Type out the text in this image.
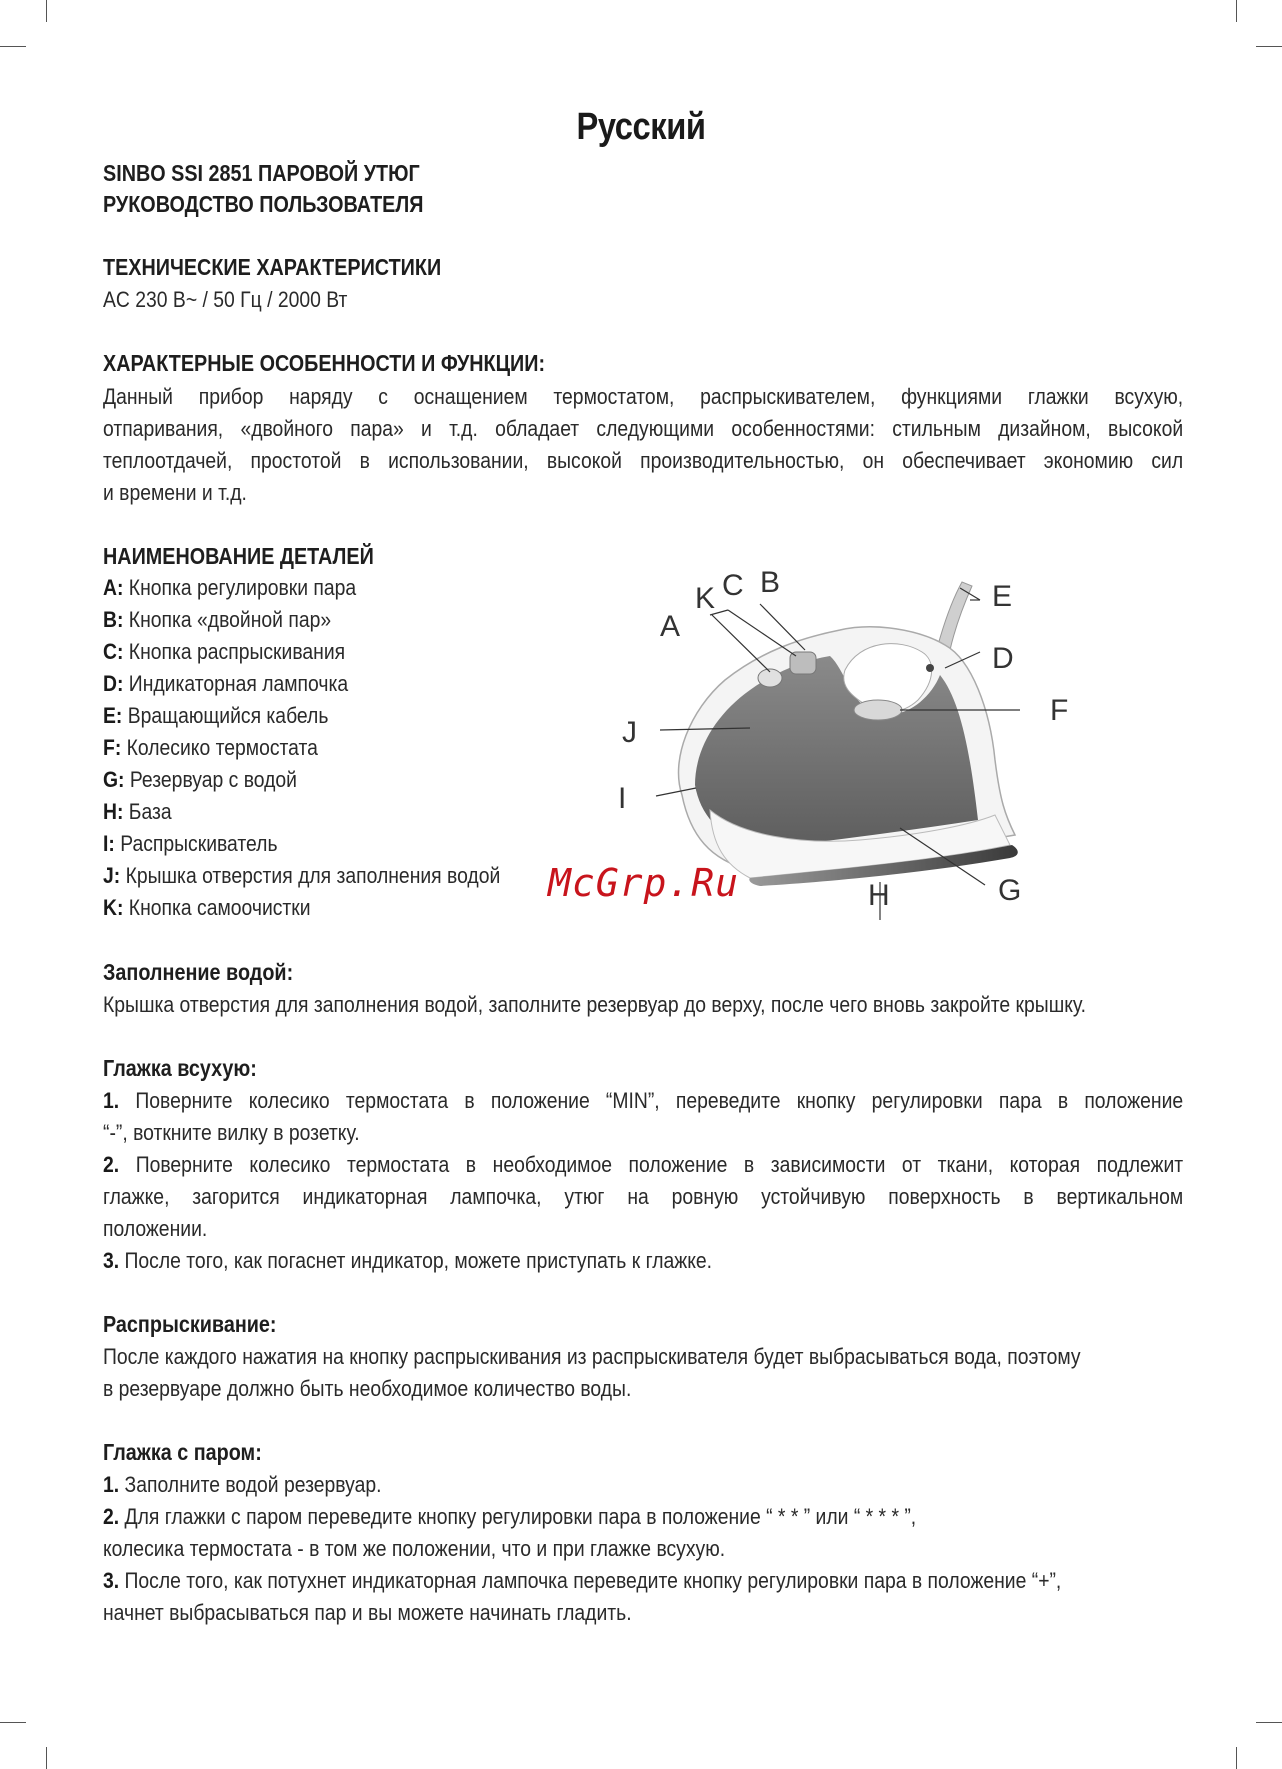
Русский
SINBO SSI 2851 ПАРОВОЙ УТЮГ
РУКОВОДСТВО ПОЛЬЗОВАТЕЛЯ
ТЕХНИЧЕСКИЕ ХАРАКТЕРИСТИКИ
AC 230 В~ / 50 Гц / 2000 Вт
ХАРАКТЕРНЫЕ ОСОБЕННОСТИ И ФУНКЦИИ:
Данный прибор наряду с оснащением термостатом, распрыскивателем, функциями глажки всухую,
отпаривания, «двойного пара» и т.д. обладает следующими особенностями: стильным дизайном, высокой
теплоотдачей, простотой в использовании, высокой производительностью, он обеспечивает экономию сил
и времени и т.д.
НАИМЕНОВАНИЕ ДЕТАЛЕЙ
A: Кнопка регулировки пара
B: Кнопка «двойной пар»
C: Кнопка распрыскивания
D: Индикаторная лампочка
E: Вращающийся кабель
F: Колесико термостата
G: Резервуар с водой
H: База
I: Распрыскиватель
J: Крышка отверстия для заполнения водой
K: Кнопка самоочистки
K C B	E
A
D
F
J
I
H	G
McGrp.Ru
Заполнение водой:
Крышка отверстия для заполнения водой, заполните резервуар до верху, после чего вновь закройте крышку.
Глажка всухую:
1. Поверните колесико термостата в положение “MIN”, переведите кнопку регулировки пара в положение
“-”, воткните вилку в розетку.
2. Поверните колесико термостата в необходимое положение в зависимости от ткани, которая подлежит
глажке, загорится индикаторная лампочка, утюг на ровную устойчивую поверхность в вертикальном
положении.
3. После того, как погаснет индикатор, можете приступать к глажке.
Распрыскивание:
После каждого нажатия на кнопку распрыскивания из распрыскивателя будет выбрасываться вода, поэтому
в резервуаре должно быть необходимое количество воды.
Глажка с паром:
1. Заполните водой резервуар.
2. Для глажки с паром переведите кнопку регулировки пара в положение “ * * ” или “ * * * ”,
колесика термостата - в том же положении, что и при глажке всухую.
3. После того, как потухнет индикаторная лампочка переведите кнопку регулировки пара в положение “+”,
начнет выбрасываться пар и вы можете начинать гладить.
